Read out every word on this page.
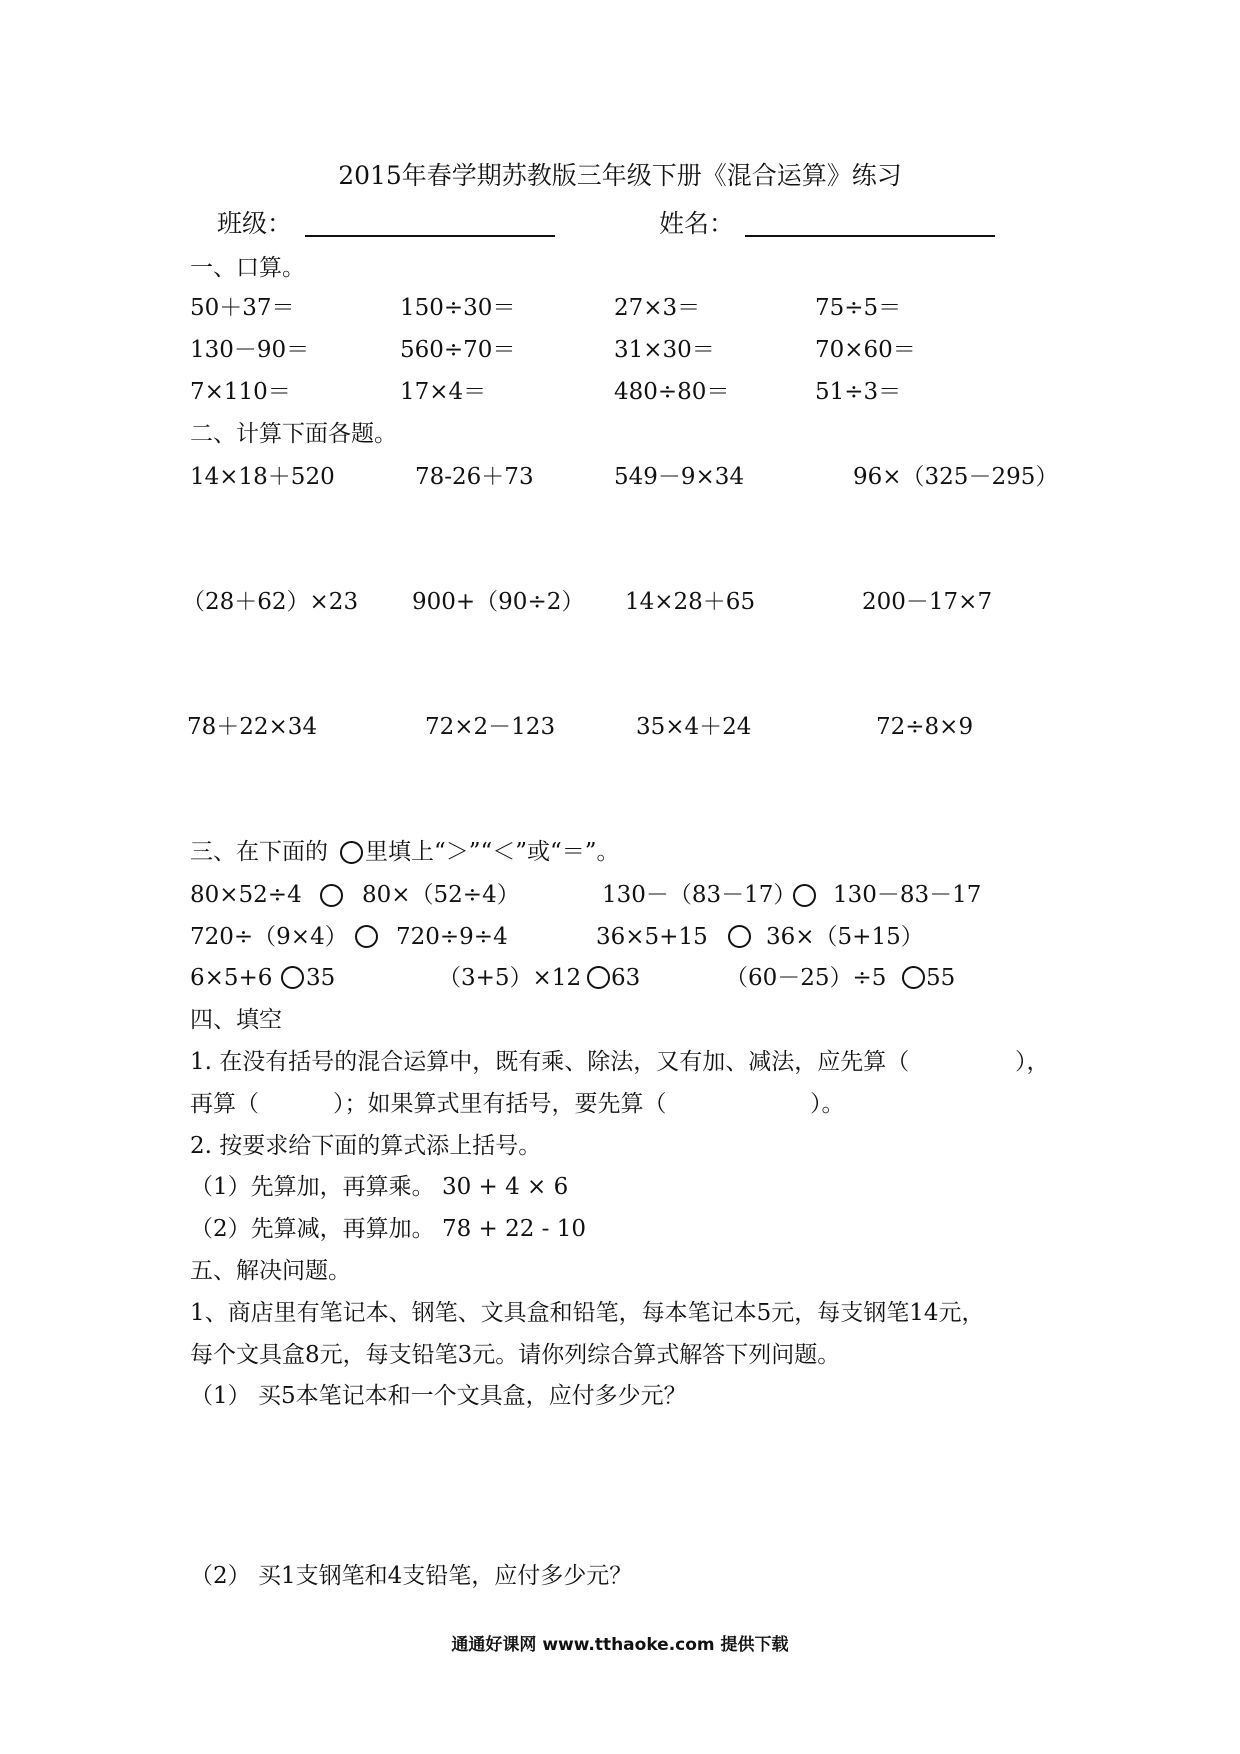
2015年春学期苏教版三年级下册《混合运算》练习
班级：	姓名：
一、口算。
50＋37＝	150÷30＝	27×3＝	75÷5＝
130－90＝	560÷70＝	31×30＝	70×60＝
7×110＝	17×4＝	480÷80＝	51÷3＝
二、计算下面各题。
14×18＋520	78-26＋73	549－9×34	96×（325－295）
（28＋62）×23 900+（90÷2） 14×28＋65	200－17×7
78＋22×34	72×2－123	35×4＋24	72÷8×9
三、在下面的 里填上“＞”“＜”或“＝”。
80×52÷4	80×（52÷4）	130－（83－17） 130－83－17
720÷（9×4） 720÷9÷4	36×5+15	36×（5+15）
6×5+6 35	（3+5）×12 63	（60－25）÷5 55
四、填空
1. 在没有括号的混合运算中，既有乘、除法，又有加、减法，应先算（	），
再算（	）；如果算式里有括号，要先算（	）。
2. 按要求给下面的算式添上括号。
（1）先算加，再算乘。 30 + 4 × 6
（2）先算减，再算加。 78 + 22 - 10
五、解决问题。
1、商店里有笔记本、钢笔、文具盒和铅笔，每本笔记本5元，每支钢笔14元，
每个文具盒8元，每支铅笔3元。请你列综合算式解答下列问题。
（1） 买5本笔记本和一个文具盒，应付多少元？
（2） 买1支钢笔和4支铅笔，应付多少元？
通通好课网 www.tthaoke.com 提供下载
